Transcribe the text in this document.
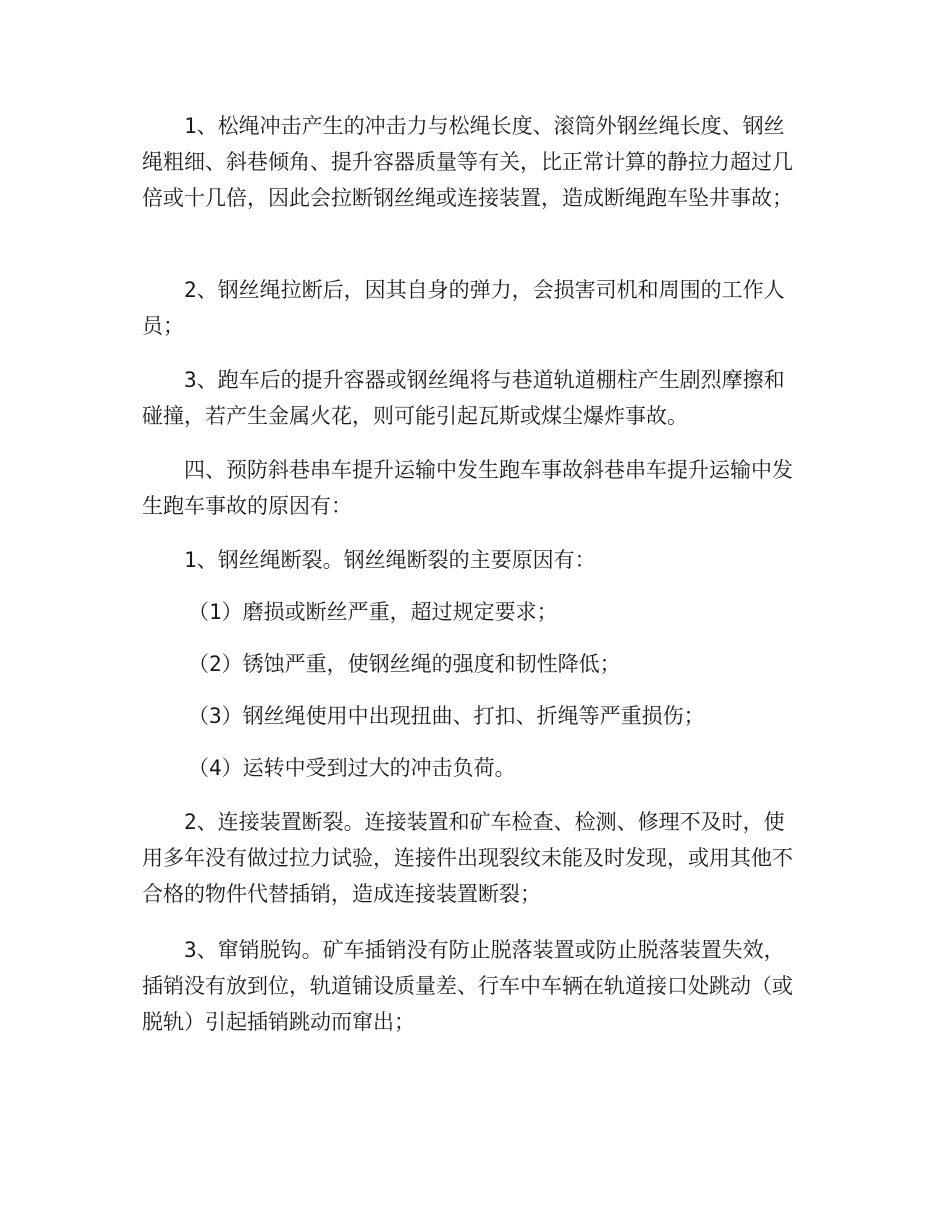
1、松绳冲击产生的冲击力与松绳长度、滚筒外钢丝绳长度、钢丝绳粗细、斜巷倾角、提升容器质量等有关，比正常计算的静拉力超过几倍或十几倍，因此会拉断钢丝绳或连接装置，造成断绳跑车坠井事故；

2、钢丝绳拉断后，因其自身的弹力，会损害司机和周围的工作人员；

3、跑车后的提升容器或钢丝绳将与巷道轨道棚柱产生剧烈摩擦和碰撞，若产生金属火花，则可能引起瓦斯或煤尘爆炸事故。

四、预防斜巷串车提升运输中发生跑车事故斜巷串车提升运输中发  生跑车事故的原因有：

1、钢丝绳断裂。钢丝绳断裂的主要原因有：

（1）磨损或断丝严重，超过规定要求；

（2）锈蚀严重，使钢丝绳的强度和韧性降低；

（3）钢丝绳使用中出现扭曲、打扣、折绳等严重损伤；

（4）运转中受到过大的冲击负荷。

2、连接装置断裂。连接装置和矿车检查、检测、修理不及时，使用多年没有做过拉力试验，连接件出现裂纹未能及时发现，或用其他不合格的物件代替插销，造成连接装置断裂；

3、窜销脱钩。矿车插销没有防止脱落装置或防止脱落装置失效，插销没有放到位，轨道铺设质量差、行车中车辆在轨道接口处跳动（或脱轨）引起插销跳动而窜出；
